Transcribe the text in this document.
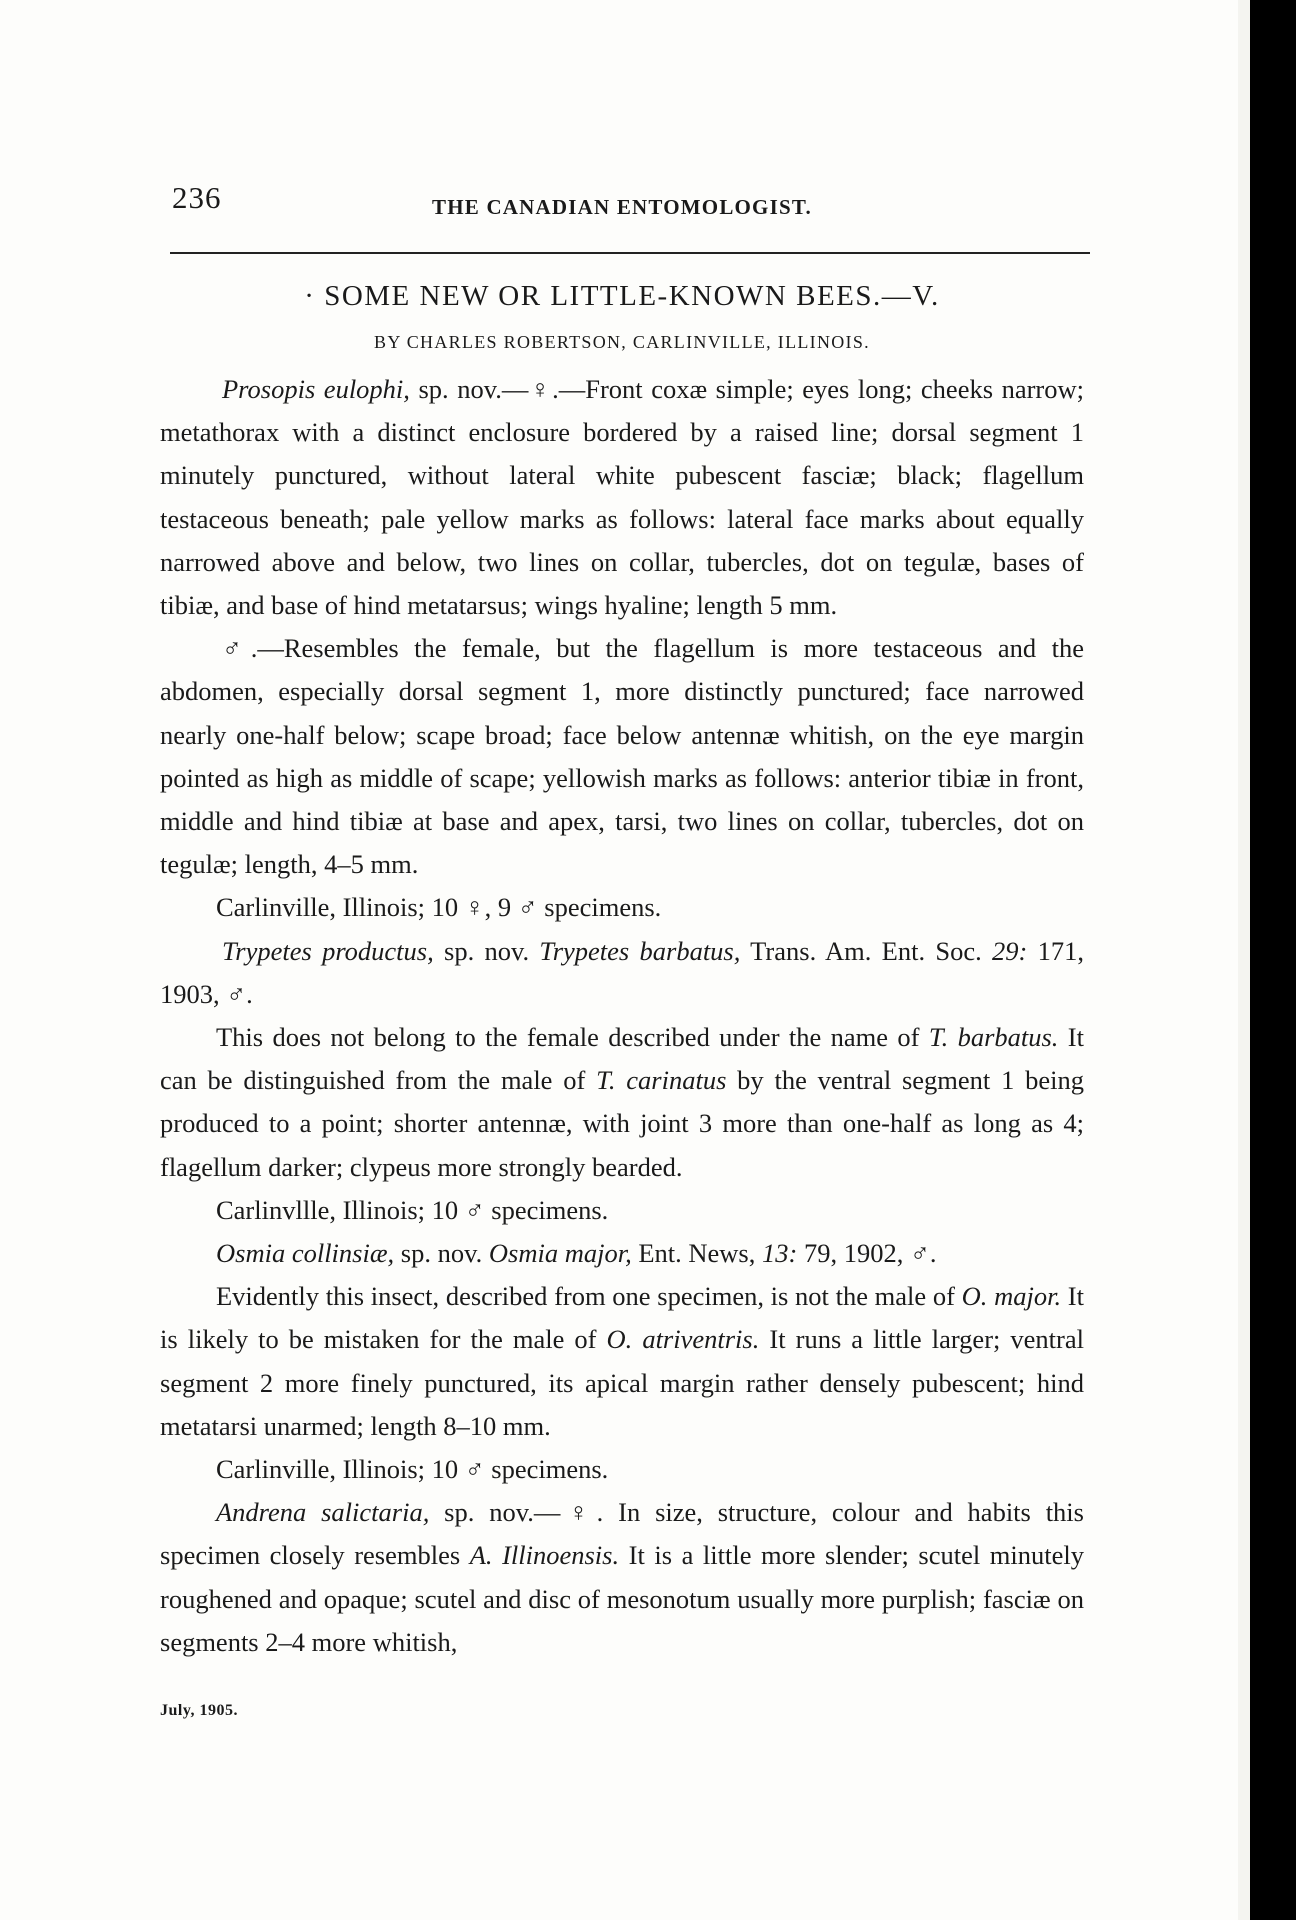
236	THE CANADIAN ENTOMOLOGIST.
· SOME NEW OR LITTLE-KNOWN BEES.—V.
BY CHARLES ROBERTSON, CARLINVILLE, ILLINOIS.

Prosopis eulophi, sp. nov.—♀.—Front coxæ simple; eyes long; cheeks narrow; metathorax with a distinct enclosure bordered by a raised line; dorsal segment 1 minutely punctured, without lateral white pubescent fasciæ; black; flagellum testaceous beneath; pale yellow marks as follows: lateral face marks about equally narrowed above and below, two lines on collar, tubercles, dot on tegulæ, bases of tibiæ, and base of hind metatarsus; wings hyaline; length 5 mm.

♂.—Resembles the female, but the flagellum is more testaceous and the abdomen, especially dorsal segment 1, more distinctly punctured; face narrowed nearly one-half below; scape broad; face below antennæ whitish, on the eye margin pointed as high as middle of scape; yellowish marks as follows: anterior tibiæ in front, middle and hind tibiæ at base and apex, tarsi, two lines on collar, tubercles, dot on tegulæ; length, 4–5 mm.

Carlinville, Illinois; 10 ♀, 9 ♂ specimens.

Trypetes productus, sp. nov. Trypetes barbatus, Trans. Am. Ent. Soc. 29: 171, 1903, ♂.

This does not belong to the female described under the name of T. barbatus. It can be distinguished from the male of T. carinatus by the ventral segment 1 being produced to a point; shorter antennæ, with joint 3 more than one-half as long as 4; flagellum darker; clypeus more strongly bearded.

Carlinvllle, Illinois; 10 ♂ specimens.

Osmia collinsiæ, sp. nov. Osmia major, Ent. News, 13: 79, 1902, ♂.

Evidently this insect, described from one specimen, is not the male of O. major. It is likely to be mistaken for the male of O. atriventris. It runs a little larger; ventral segment 2 more finely punctured, its apical margin rather densely pubescent; hind metatarsi unarmed; length 8–10 mm.

Carlinville, Illinois; 10 ♂ specimens.

Andrena salictaria, sp. nov.—♀. In size, structure, colour and habits this specimen closely resembles A. Illinoensis. It is a little more slender; scutel minutely roughened and opaque; scutel and disc of mesonotum usually more purplish; fasciæ on segments 2–4 more whitish,

July, 1905.
